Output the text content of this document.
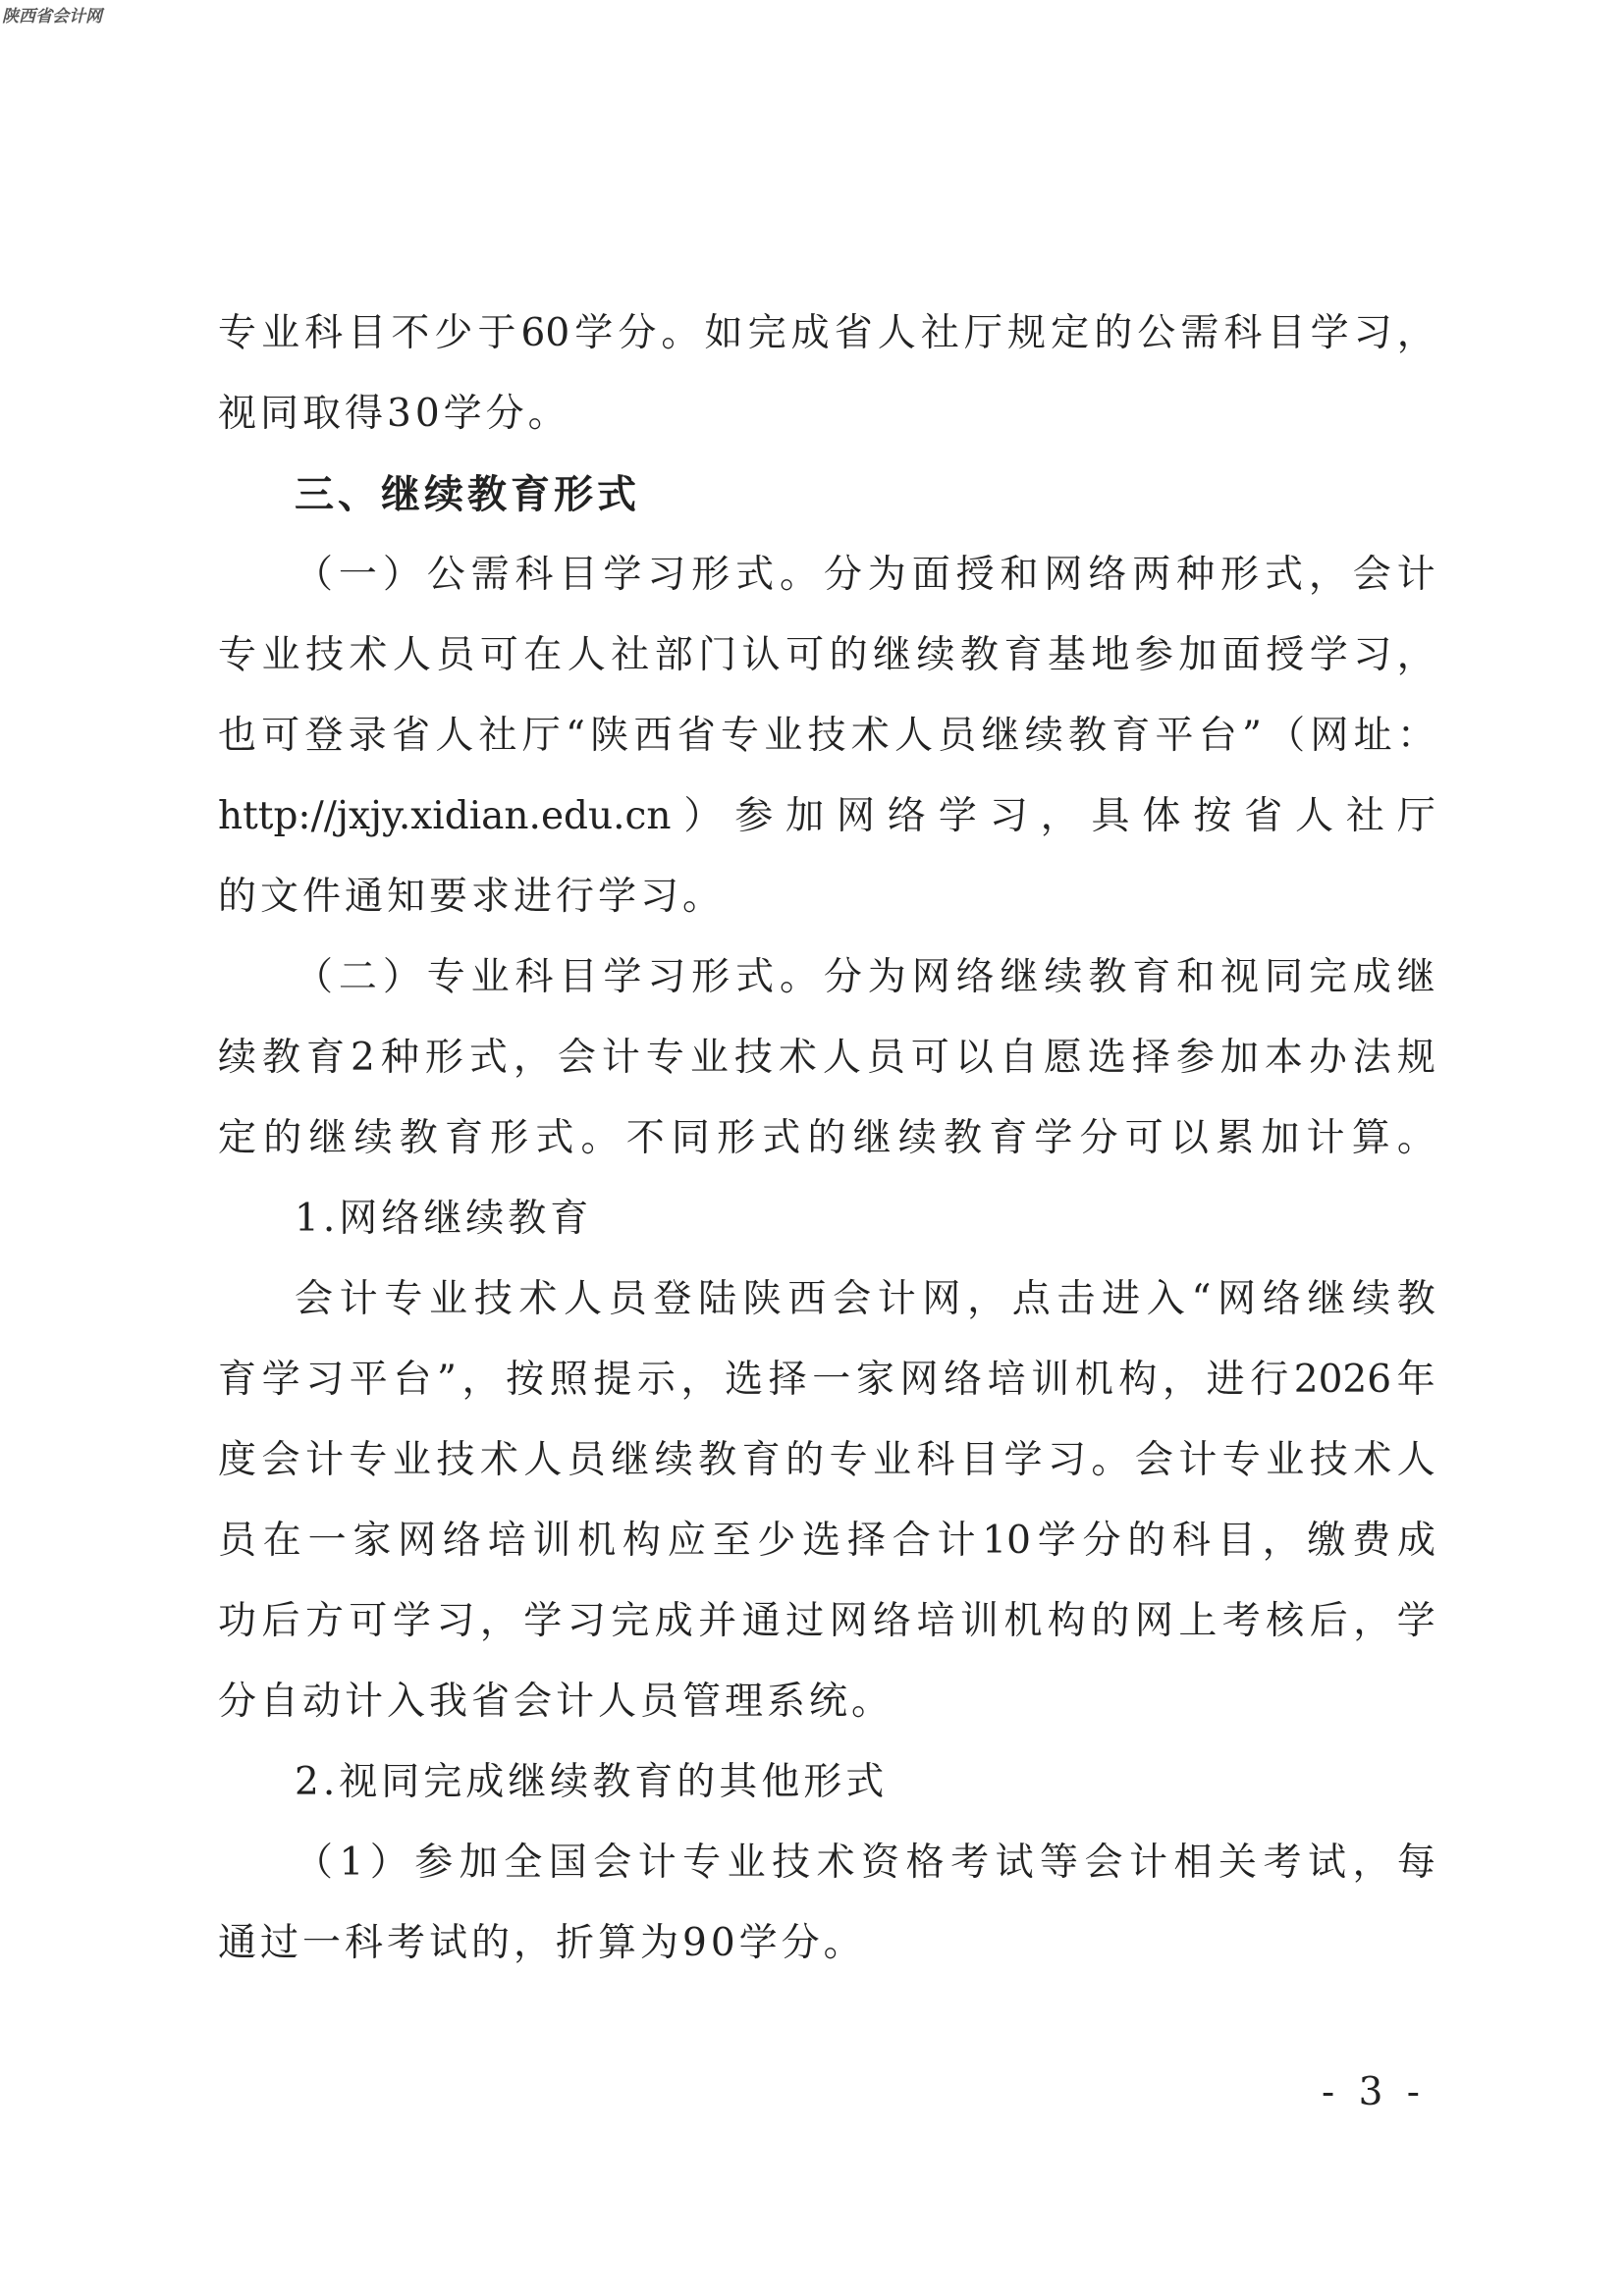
陕西省会计网
专 业 科 目 不 少 于 60 学 分 。 如 完 成 省 人 社 厅 规 定 的 公 需 科 目 学 习 ，
视同取得30学分。
三、继续教育形式
（ 一 ） 公 需 科 目 学 习 形 式 。 分 为 面 授 和 网 络 两 种 形 式 ， 会 计
专 业 技 术 人 员 可 在 人 社 部 门 认 可 的 继 续 教 育 基 地 参 加 面 授 学 习 ，
也 可 登 录 省 人 社 厅 “ 陕 西 省 专 业 技 术 人 员 继 续 教 育 平 台 ” （ 网 址 ：
http://jxjy.xidian.edu.cn ） 参 加 网 络 学 习 ， 具 体 按 省 人 社 厅
的文件通知要求进行学习。
（ 二 ） 专 业 科 目 学 习 形 式 。 分 为 网 络 继 续 教 育 和 视 同 完 成 继
续 教 育 2 种 形 式 ， 会 计 专 业 技 术 人 员 可 以 自 愿 选 择 参 加 本 办 法 规
定 的 继 续 教 育 形 式 。 不 同 形 式 的 继 续 教 育 学 分 可 以 累 加 计 算 。
1.网络继续教育
会 计 专 业 技 术 人 员 登 陆 陕 西 会 计 网 ， 点 击 进 入 “ 网 络 继 续 教
育 学 习 平 台 ” ， 按 照 提 示 ， 选 择 一 家 网 络 培 训 机 构 ， 进 行 2026 年
度 会 计 专 业 技 术 人 员 继 续 教 育 的 专 业 科 目 学 习 。 会 计 专 业 技 术 人
员 在 一 家 网 络 培 训 机 构 应 至 少 选 择 合 计 10 学 分 的 科 目 ， 缴 费 成
功 后 方 可 学 习 ， 学 习 完 成 并 通 过 网 络 培 训 机 构 的 网 上 考 核 后 ， 学
分自动计入我省会计人员管理系统。
2.视同完成继续教育的其他形式
（ 1 ） 参 加 全 国 会 计 专 业 技 术 资 格 考 试 等 会 计 相 关 考 试 ， 每
通过一科考试的，折算为90学分。
- 3 -
